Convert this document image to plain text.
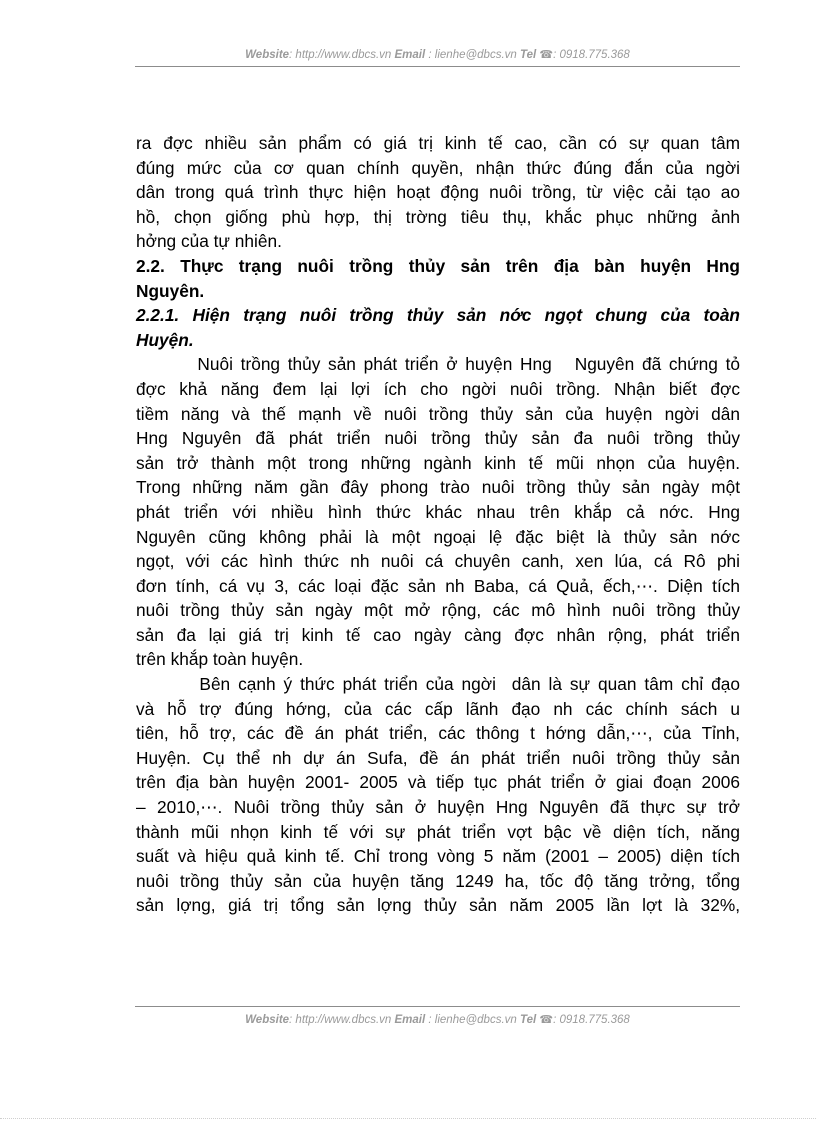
Website: http://www.dbcs.vn Email : lienhe@dbcs.vn Tel ☎: 0918.775.368
ra đợc nhiều sản phẩm có giá trị kinh tế cao, cần có sự quan tâm
đúng mức của cơ quan chính quyền, nhận thức đúng đắn của ngời
dân trong quá trình thực hiện hoạt động nuôi trồng, từ việc cải tạo ao
hồ, chọn giống phù hợp, thị trờng tiêu thụ, khắc phục những ảnh
hởng của tự nhiên.
2.2. Thực trạng nuôi trồng thủy sản trên địa bàn huyện Hng
Nguyên.
2.2.1. Hiện trạng nuôi trồng thủy sản nớc ngọt chung của toàn
Huyện.
Nuôi trồng thủy sản phát triển ở huyện Hng   Nguyên đã chứng tỏ
đợc khả năng đem lại lợi ích cho ngời nuôi trồng. Nhận biết đợc
tiềm năng và thế mạnh về nuôi trồng thủy sản của huyện ngời dân
Hng Nguyên đã phát triển nuôi trồng thủy sản đa nuôi trồng thủy
sản trở thành một trong những ngành kinh tế mũi nhọn của huyện.
Trong những năm gần đây phong trào nuôi trồng thủy sản ngày một
phát triển với nhiều hình thức khác nhau trên khắp cả nớc. Hng
Nguyên cũng không phải là một ngoại lệ đặc biệt là thủy sản nớc
ngọt, với các hình thức nh nuôi cá chuyên canh, xen lúa, cá Rô phi
đơn tính, cá vụ 3, các loại đặc sản nh Baba, cá Quả, ếch,⋯. Diện tích
nuôi trồng thủy sản ngày một mở rộng, các mô hình nuôi trồng thủy
sản đa lại giá trị kinh tế cao ngày càng đợc nhân rộng, phát triển
trên khắp toàn huyện.
Bên cạnh ý thức phát triển của ngời  dân là sự quan tâm chỉ đạo
và hỗ trợ đúng hớng, của các cấp lãnh đạo nh các chính sách u
tiên, hỗ trợ, các đề án phát triển, các thông t hớng dẫn,⋯, của Tỉnh,
Huyện. Cụ thể nh dự án Sufa, đề án phát triển nuôi trồng thủy sản
trên địa bàn huyện 2001- 2005 và tiếp tục phát triển ở giai đoạn 2006
– 2010,⋯. Nuôi trồng thủy sản ở huyện Hng Nguyên đã thực sự trở
thành mũi nhọn kinh tế với sự phát triển vợt bậc về diện tích, năng
suất và hiệu quả kinh tế. Chỉ trong vòng 5 năm (2001 – 2005) diện tích
nuôi trồng thủy sản của huyện tăng 1249 ha, tốc độ tăng trởng, tổng
sản lợng, giá trị tổng sản lợng thủy sản năm 2005 lần lợt là 32%,
Website: http://www.dbcs.vn Email : lienhe@dbcs.vn Tel ☎: 0918.775.368
